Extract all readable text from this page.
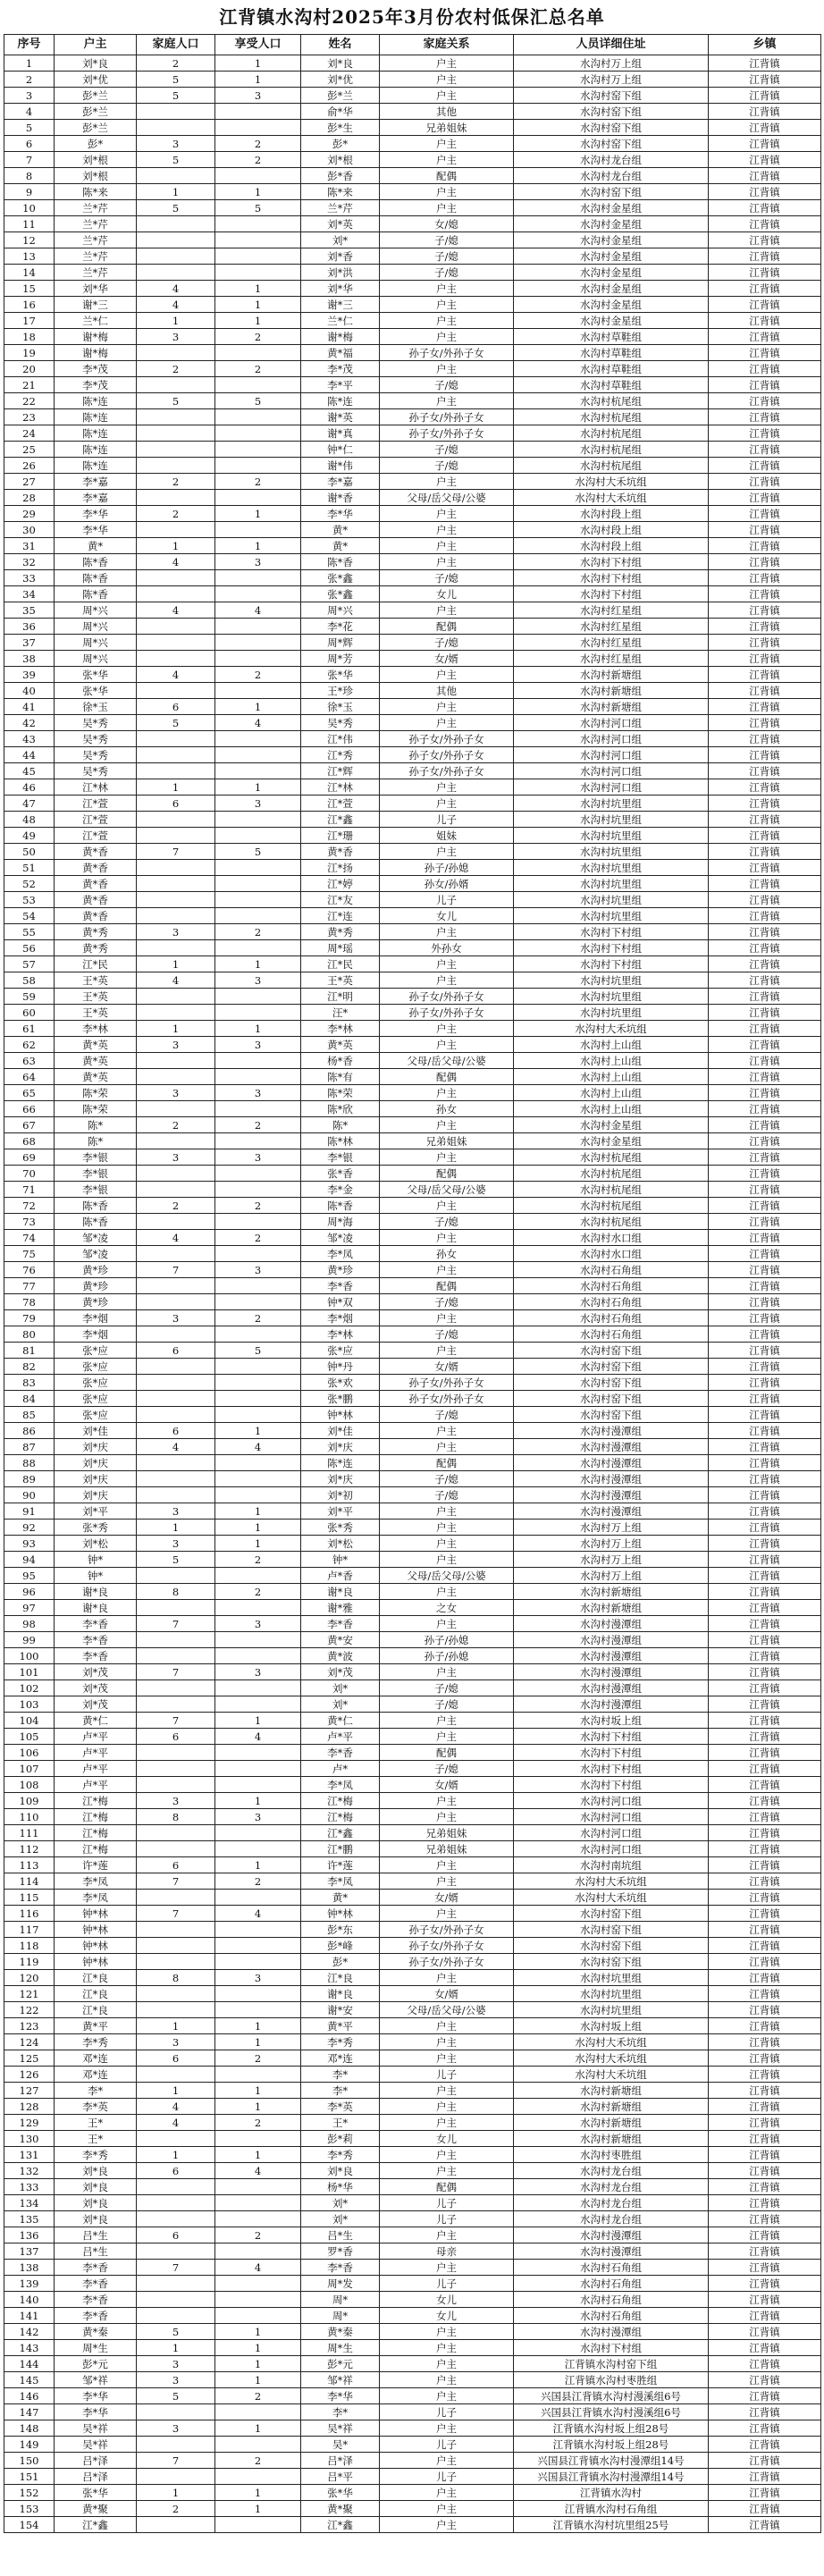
江背镇水沟村2025年3月份农村低保汇总名单
序号	户主	家庭人口	享受人口	姓名	家庭关系	人员详细住址	乡镇
1	刘*良	2	1	刘*良	户主	水沟村万上组	江背镇
2	刘*优	5	1	刘*优	户主	水沟村万上组	江背镇
3	彭*兰	5	3	彭*兰	户主	水沟村窑下组	江背镇
4	彭*兰			俞*华	其他	水沟村窑下组	江背镇
5	彭*兰			彭*生	兄弟姐妹	水沟村窑下组	江背镇
6	彭*	3	2	彭*	户主	水沟村窑下组	江背镇
7	刘*根	5	2	刘*根	户主	水沟村龙台组	江背镇
8	刘*根			彭*香	配偶	水沟村龙台组	江背镇
9	陈*来	1	1	陈*来	户主	水沟村窑下组	江背镇
10	兰*芹	5	5	兰*芹	户主	水沟村金星组	江背镇
11	兰*芹			刘*英	女/媳	水沟村金星组	江背镇
12	兰*芹			刘*	子/媳	水沟村金星组	江背镇
13	兰*芹			刘*香	子/媳	水沟村金星组	江背镇
14	兰*芹			刘*洪	子/媳	水沟村金星组	江背镇
15	刘*华	4	1	刘*华	户主	水沟村金星组	江背镇
16	谢*三	4	1	谢*三	户主	水沟村金星组	江背镇
17	兰*仁	1	1	兰*仁	户主	水沟村金星组	江背镇
18	谢*梅	3	2	谢*梅	户主	水沟村草鞋组	江背镇
19	谢*梅			黄*福	孙子女/外孙子女	水沟村草鞋组	江背镇
20	李*茂	2	2	李*茂	户主	水沟村草鞋组	江背镇
21	李*茂			李*平	子/媳	水沟村草鞋组	江背镇
22	陈*连	5	5	陈*连	户主	水沟村杭尾组	江背镇
23	陈*连			谢*英	孙子女/外孙子女	水沟村杭尾组	江背镇
24	陈*连			谢*真	孙子女/外孙子女	水沟村杭尾组	江背镇
25	陈*连			钟*仁	子/媳	水沟村杭尾组	江背镇
26	陈*连			谢*伟	子/媳	水沟村杭尾组	江背镇
27	李*嘉	2	2	李*嘉	户主	水沟村大禾坑组	江背镇
28	李*嘉			谢*香	父母/岳父母/公婆	水沟村大禾坑组	江背镇
29	李*华	2	1	李*华	户主	水沟村段上组	江背镇
30	李*华			黄*	户主	水沟村段上组	江背镇
31	黄*	1	1	黄*	户主	水沟村段上组	江背镇
32	陈*香	4	3	陈*香	户主	水沟村下村组	江背镇
33	陈*香			张*鑫	子/媳	水沟村下村组	江背镇
34	陈*香			张*鑫	女儿	水沟村下村组	江背镇
35	周*兴	4	4	周*兴	户主	水沟村红星组	江背镇
36	周*兴			李*花	配偶	水沟村红星组	江背镇
37	周*兴			周*辉	子/媳	水沟村红星组	江背镇
38	周*兴			周*芳	女/婿	水沟村红星组	江背镇
39	张*华	4	2	张*华	户主	水沟村新塘组	江背镇
40	张*华			王*珍	其他	水沟村新塘组	江背镇
41	徐*玉	6	1	徐*玉	户主	水沟村新塘组	江背镇
42	吴*秀	5	4	吴*秀	户主	水沟村河口组	江背镇
43	吴*秀			江*伟	孙子女/外孙子女	水沟村河口组	江背镇
44	吴*秀			江*秀	孙子女/外孙子女	水沟村河口组	江背镇
45	吴*秀			江*辉	孙子女/外孙子女	水沟村河口组	江背镇
46	江*林	1	1	江*林	户主	水沟村河口组	江背镇
47	江*萱	6	3	江*萱	户主	水沟村坑里组	江背镇
48	江*萱			江*鑫	儿子	水沟村坑里组	江背镇
49	江*萱			江*珊	姐妹	水沟村坑里组	江背镇
50	黄*香	7	5	黄*香	户主	水沟村坑里组	江背镇
51	黄*香			江*扬	孙子/孙媳	水沟村坑里组	江背镇
52	黄*香			江*婷	孙女/孙婿	水沟村坑里组	江背镇
53	黄*香			江*友	儿子	水沟村坑里组	江背镇
54	黄*香			江*连	女儿	水沟村坑里组	江背镇
55	黄*秀	3	2	黄*秀	户主	水沟村下村组	江背镇
56	黄*秀			周*瑶	外孙女	水沟村下村组	江背镇
57	江*民	1	1	江*民	户主	水沟村下村组	江背镇
58	王*英	4	3	王*英	户主	水沟村坑里组	江背镇
59	王*英			江*明	孙子女/外孙子女	水沟村坑里组	江背镇
60	王*英			汪*	孙子女/外孙子女	水沟村坑里组	江背镇
61	李*林	1	1	李*林	户主	水沟村大禾坑组	江背镇
62	黄*英	3	3	黄*英	户主	水沟村上山组	江背镇
63	黄*英			杨*香	父母/岳父母/公婆	水沟村上山组	江背镇
64	黄*英			陈*有	配偶	水沟村上山组	江背镇
65	陈*荣	3	3	陈*荣	户主	水沟村上山组	江背镇
66	陈*荣			陈*欣	孙女	水沟村上山组	江背镇
67	陈*	2	2	陈*	户主	水沟村金星组	江背镇
68	陈*			陈*林	兄弟姐妹	水沟村金星组	江背镇
69	李*银	3	3	李*银	户主	水沟村杭尾组	江背镇
70	李*银			张*香	配偶	水沟村杭尾组	江背镇
71	李*银			李*金	父母/岳父母/公婆	水沟村杭尾组	江背镇
72	陈*香	2	2	陈*香	户主	水沟村杭尾组	江背镇
73	陈*香			周*海	子/媳	水沟村杭尾组	江背镇
74	邹*凌	4	2	邹*凌	户主	水沟村水口组	江背镇
75	邹*凌			李*凤	孙女	水沟村水口组	江背镇
76	黄*珍	7	3	黄*珍	户主	水沟村石角组	江背镇
77	黄*珍			李*香	配偶	水沟村石角组	江背镇
78	黄*珍			钟*双	子/媳	水沟村石角组	江背镇
79	李*烟	3	2	李*烟	户主	水沟村石角组	江背镇
80	李*烟			李*林	子/媳	水沟村石角组	江背镇
81	张*应	6	5	张*应	户主	水沟村窑下组	江背镇
82	张*应			钟*丹	女/婿	水沟村窑下组	江背镇
83	张*应			张*欢	孙子女/外孙子女	水沟村窑下组	江背镇
84	张*应			张*鹏	孙子女/外孙子女	水沟村窑下组	江背镇
85	张*应			钟*林	子/媳	水沟村窑下组	江背镇
86	刘*佳	6	1	刘*佳	户主	水沟村漫潭组	江背镇
87	刘*庆	4	4	刘*庆	户主	水沟村漫潭组	江背镇
88	刘*庆			陈*连	配偶	水沟村漫潭组	江背镇
89	刘*庆			刘*庆	子/媳	水沟村漫潭组	江背镇
90	刘*庆			刘*初	子/媳	水沟村漫潭组	江背镇
91	刘*平	3	1	刘*平	户主	水沟村漫潭组	江背镇
92	张*秀	1	1	张*秀	户主	水沟村万上组	江背镇
93	刘*松	3	1	刘*松	户主	水沟村万上组	江背镇
94	钟*	5	2	钟*	户主	水沟村万上组	江背镇
95	钟*			卢*香	父母/岳父母/公婆	水沟村万上组	江背镇
96	谢*良	8	2	谢*良	户主	水沟村新塘组	江背镇
97	谢*良			谢*雅	之女	水沟村新塘组	江背镇
98	李*香	7	3	李*香	户主	水沟村漫潭组	江背镇
99	李*香			黄*安	孙子/孙媳	水沟村漫潭组	江背镇
100	李*香			黄*波	孙子/孙媳	水沟村漫潭组	江背镇
101	刘*茂	7	3	刘*茂	户主	水沟村漫潭组	江背镇
102	刘*茂			刘*	子/媳	水沟村漫潭组	江背镇
103	刘*茂			刘*	子/媳	水沟村漫潭组	江背镇
104	黄*仁	7	1	黄*仁	户主	水沟村坂上组	江背镇
105	卢*平	6	4	卢*平	户主	水沟村下村组	江背镇
106	卢*平			李*香	配偶	水沟村下村组	江背镇
107	卢*平			卢*	子/媳	水沟村下村组	江背镇
108	卢*平			李*凤	女/婿	水沟村下村组	江背镇
109	江*梅	3	1	江*梅	户主	水沟村河口组	江背镇
110	江*梅	8	3	江*梅	户主	水沟村河口组	江背镇
111	江*梅			江*鑫	兄弟姐妹	水沟村河口组	江背镇
112	江*梅			江*鹏	兄弟姐妹	水沟村河口组	江背镇
113	许*莲	6	1	许*莲	户主	水沟村南坑组	江背镇
114	李*凤	7	2	李*凤	户主	水沟村大禾坑组	江背镇
115	李*凤			黄*	女/婿	水沟村大禾坑组	江背镇
116	钟*林	7	4	钟*林	户主	水沟村窑下组	江背镇
117	钟*林			彭*东	孙子女/外孙子女	水沟村窑下组	江背镇
118	钟*林			彭*峰	孙子女/外孙子女	水沟村窑下组	江背镇
119	钟*林			彭*	孙子女/外孙子女	水沟村窑下组	江背镇
120	江*良	8	3	江*良	户主	水沟村坑里组	江背镇
121	江*良			谢*良	女/婿	水沟村坑里组	江背镇
122	江*良			谢*安	父母/岳父母/公婆	水沟村坑里组	江背镇
123	黄*平	1	1	黄*平	户主	水沟村坂上组	江背镇
124	李*秀	3	1	李*秀	户主	水沟村大禾坑组	江背镇
125	邓*连	6	2	邓*连	户主	水沟村大禾坑组	江背镇
126	邓*连			李*	儿子	水沟村大禾坑组	江背镇
127	李*	1	1	李*	户主	水沟村新塘组	江背镇
128	李*英	4	1	李*英	户主	水沟村新塘组	江背镇
129	王*	4	2	王*	户主	水沟村新塘组	江背镇
130	王*			彭*莉	女儿	水沟村新塘组	江背镇
131	李*秀	1	1	李*秀	户主	水沟村枣胜组	江背镇
132	刘*良	6	4	刘*良	户主	水沟村龙台组	江背镇
133	刘*良			杨*华	配偶	水沟村龙台组	江背镇
134	刘*良			刘*	儿子	水沟村龙台组	江背镇
135	刘*良			刘*	儿子	水沟村龙台组	江背镇
136	吕*生	6	2	吕*生	户主	水沟村漫潭组	江背镇
137	吕*生			罗*香	母亲	水沟村漫潭组	江背镇
138	李*香	7	4	李*香	户主	水沟村石角组	江背镇
139	李*香			周*发	儿子	水沟村石角组	江背镇
140	李*香			周*	女儿	水沟村石角组	江背镇
141	李*香			周*	女儿	水沟村石角组	江背镇
142	黄*秦	5	1	黄*秦	户主	水沟村漫潭组	江背镇
143	周*生	1	1	周*生	户主	水沟村下村组	江背镇
144	彭*元	3	1	彭*元	户主	江背镇水沟村窑下组	江背镇
145	邹*祥	3	1	邹*祥	户主	江背镇水沟村枣胜组	江背镇
146	李*华	5	2	李*华	户主	兴国县江背镇水沟村漫溪组6号	江背镇
147	李*华			李*	儿子	兴国县江背镇水沟村漫溪组6号	江背镇
148	吴*祥	3	1	吴*祥	户主	江背镇水沟村坂上组28号	江背镇
149	吴*祥			吴*	儿子	江背镇水沟村坂上组28号	江背镇
150	吕*泽	7	2	吕*泽	户主	兴国县江背镇水沟村漫潭组14号	江背镇
151	吕*泽			吕*平	儿子	兴国县江背镇水沟村漫潭组14号	江背镇
152	张*华	1	1	张*华	户主	江背镇水沟村	江背镇
153	黄*聚	2	1	黄*聚	户主	江背镇水沟村石角组	江背镇
154	江*鑫			江*鑫	户主	江背镇水沟村坑里组25号	江背镇
